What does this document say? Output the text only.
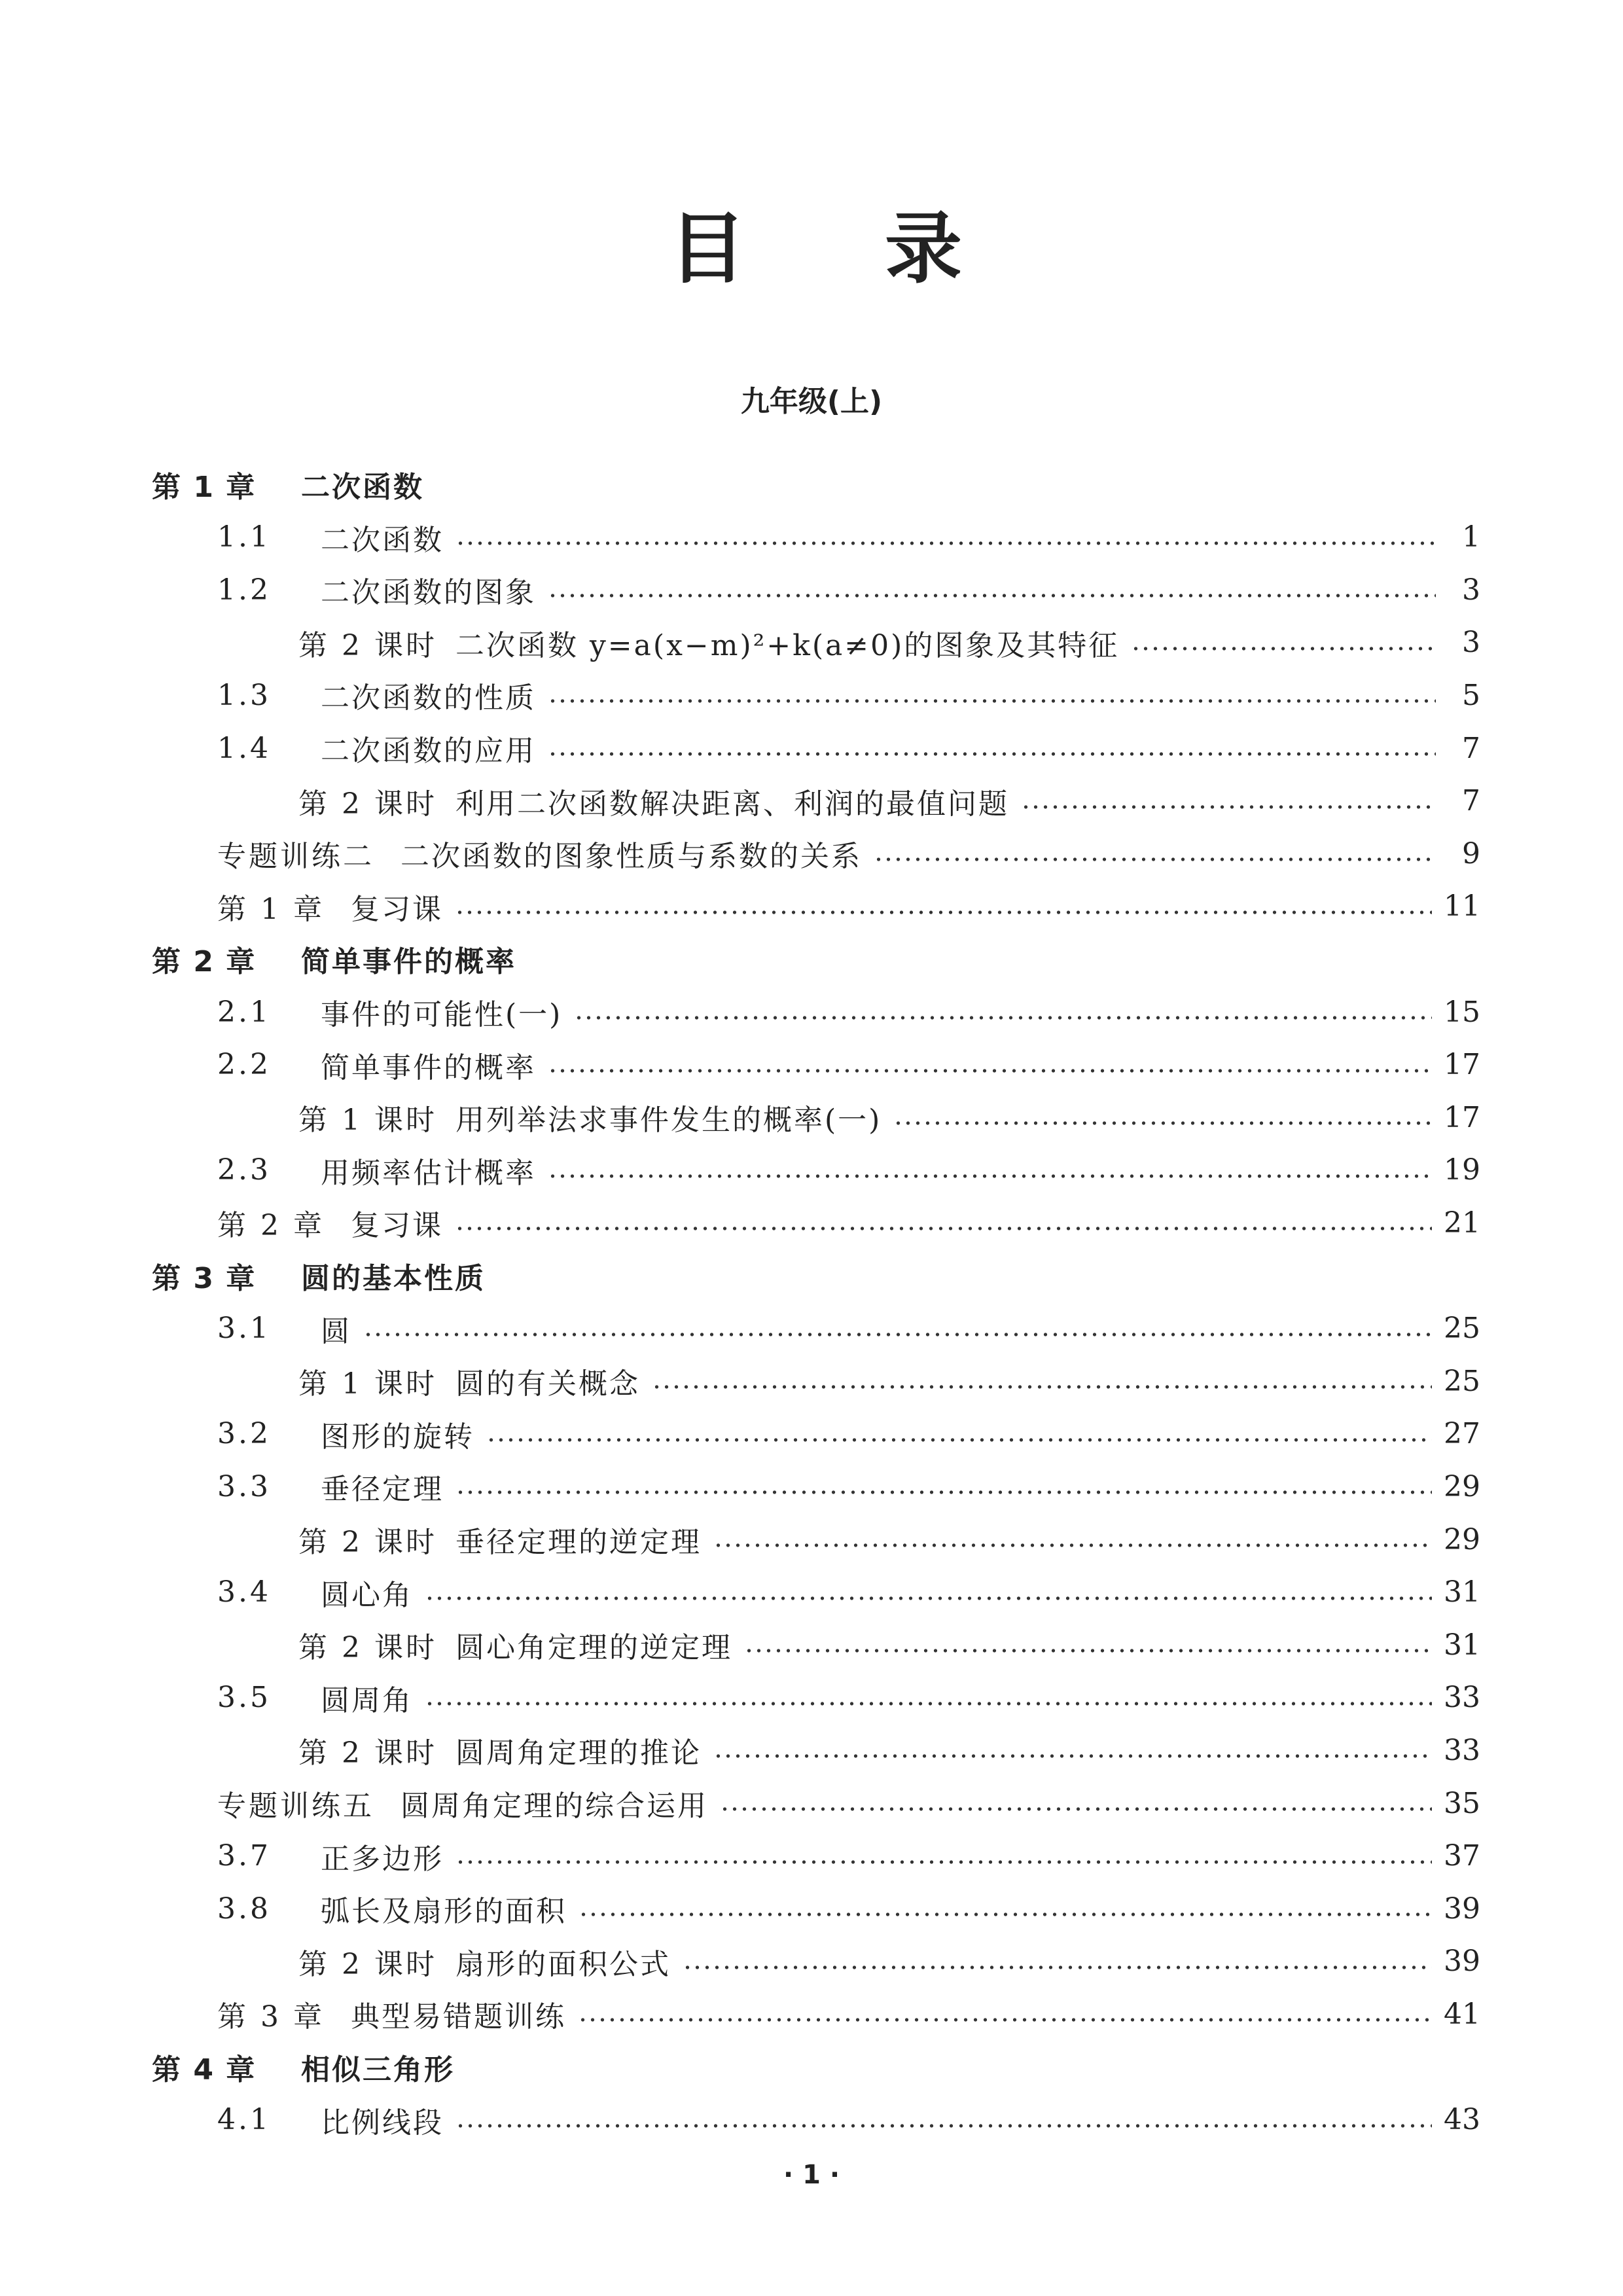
目 录
九年级(上)
第 1 章	二次函数
1.1	二次函数	1
1.2	二次函数的图象	3
第 2 课时 二次函数 y=a(x−m)²+k(a≠0)的图象及其特征	3
1.3	二次函数的性质	5
1.4	二次函数的应用	7
第 2 课时 利用二次函数解决距离、利润的最值问题	7
专题训练二 二次函数的图象性质与系数的关系	9
第 1 章 复习课	11
第 2 章	简单事件的概率
2.1	事件的可能性(一)	15
2.2	简单事件的概率	17
第 1 课时 用列举法求事件发生的概率(一)	17
2.3	用频率估计概率	19
第 2 章 复习课	21
第 3 章	圆的基本性质
3.1	圆	25
第 1 课时 圆的有关概念	25
3.2	图形的旋转	27
3.3	垂径定理	29
第 2 课时 垂径定理的逆定理	29
3.4	圆心角	31
第 2 课时 圆心角定理的逆定理	31
3.5	圆周角	33
第 2 课时 圆周角定理的推论	33
专题训练五 圆周角定理的综合运用	35
3.7	正多边形	37
3.8	弧长及扇形的面积	39
第 2 课时 扇形的面积公式	39
第 3 章 典型易错题训练	41
第 4 章	相似三角形
4.1	比例线段	43
· 1 ·
